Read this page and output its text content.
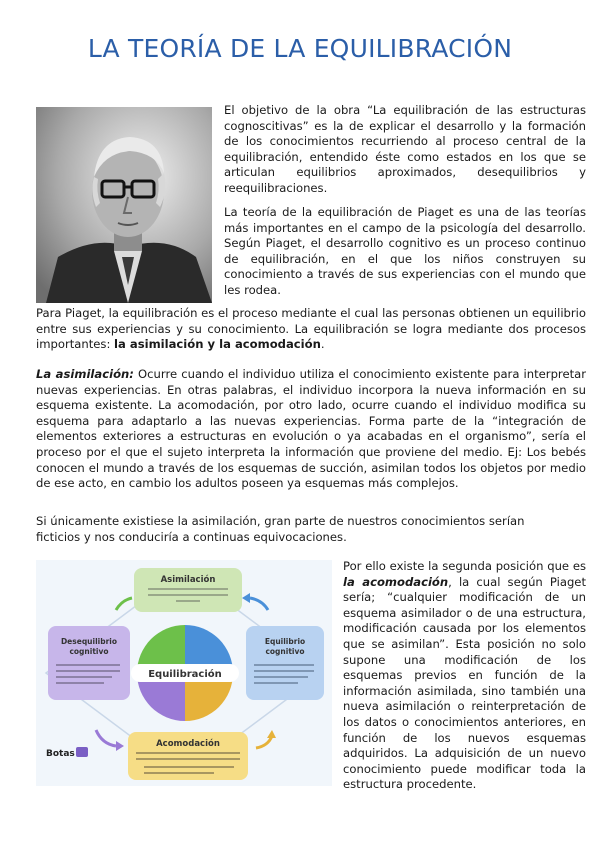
LA TEORÍA DE LA EQUILIBRACIÓN

El objetivo de la obra “La equilibración de las estructuras cognoscitivas” es la de explicar el desarrollo y la formación de los conocimientos recurriendo al proceso central de la equilibración, entendido éste como estados en los que se articulan equilibrios aproximados, desequilibrios y reequilibraciones.

La teoría de la equilibración de Piaget es una de las teorías más importantes en el campo de la psicología del desarrollo. Según Piaget, el desarrollo cognitivo es un proceso continuo de equilibración, en el que los niños construyen su conocimiento a través de sus experiencias con el mundo que les rodea.

Para Piaget, la equilibración es el proceso mediante el cual las personas obtienen un equilibrio entre sus experiencias y su conocimiento. La equilibración se logra mediante dos procesos importantes: la asimilación y la acomodación.

La asimilación: Ocurre cuando el individuo utiliza el conocimiento existente para interpretar nuevas experiencias. En otras palabras, el individuo incorpora la nueva información en su esquema existente. La acomodación, por otro lado, ocurre cuando el individuo modifica su esquema para adaptarlo a las nuevas experiencias. Forma parte de la “integración de elementos exteriores a estructuras en evolución o ya acabadas en el organismo”, sería el proceso por el que el sujeto interpreta la información que proviene del medio. Ej: Los bebés conocen el mundo a través de los esquemas de succión, asimilan todos los objetos por medio de ese acto, en cambio los adultos poseen ya esquemas más complejos.

Si únicamente existiese la asimilación, gran parte de nuestros conocimientos serían ficticios y nos conduciría a continuas equivocaciones.

Asimilación
Desequilibrio
cognitivo
Equilibrio
cognitivo
Acomodación
Equilibración
Botas

Por ello existe la segunda posición que es la acomodación, la cual según Piaget sería; “cualquier modificación de un esquema asimilador o de una estructura, modificación causada por los elementos que se asimilan”. Esta posición no solo supone una modificación de los esquemas previos en función de la información asimilada, sino también una nueva asimilación o reinterpretación de los datos o conocimientos anteriores, en función de los nuevos esquemas adquiridos. La adquisición de un nuevo conocimiento puede modificar toda la estructura procedente.
